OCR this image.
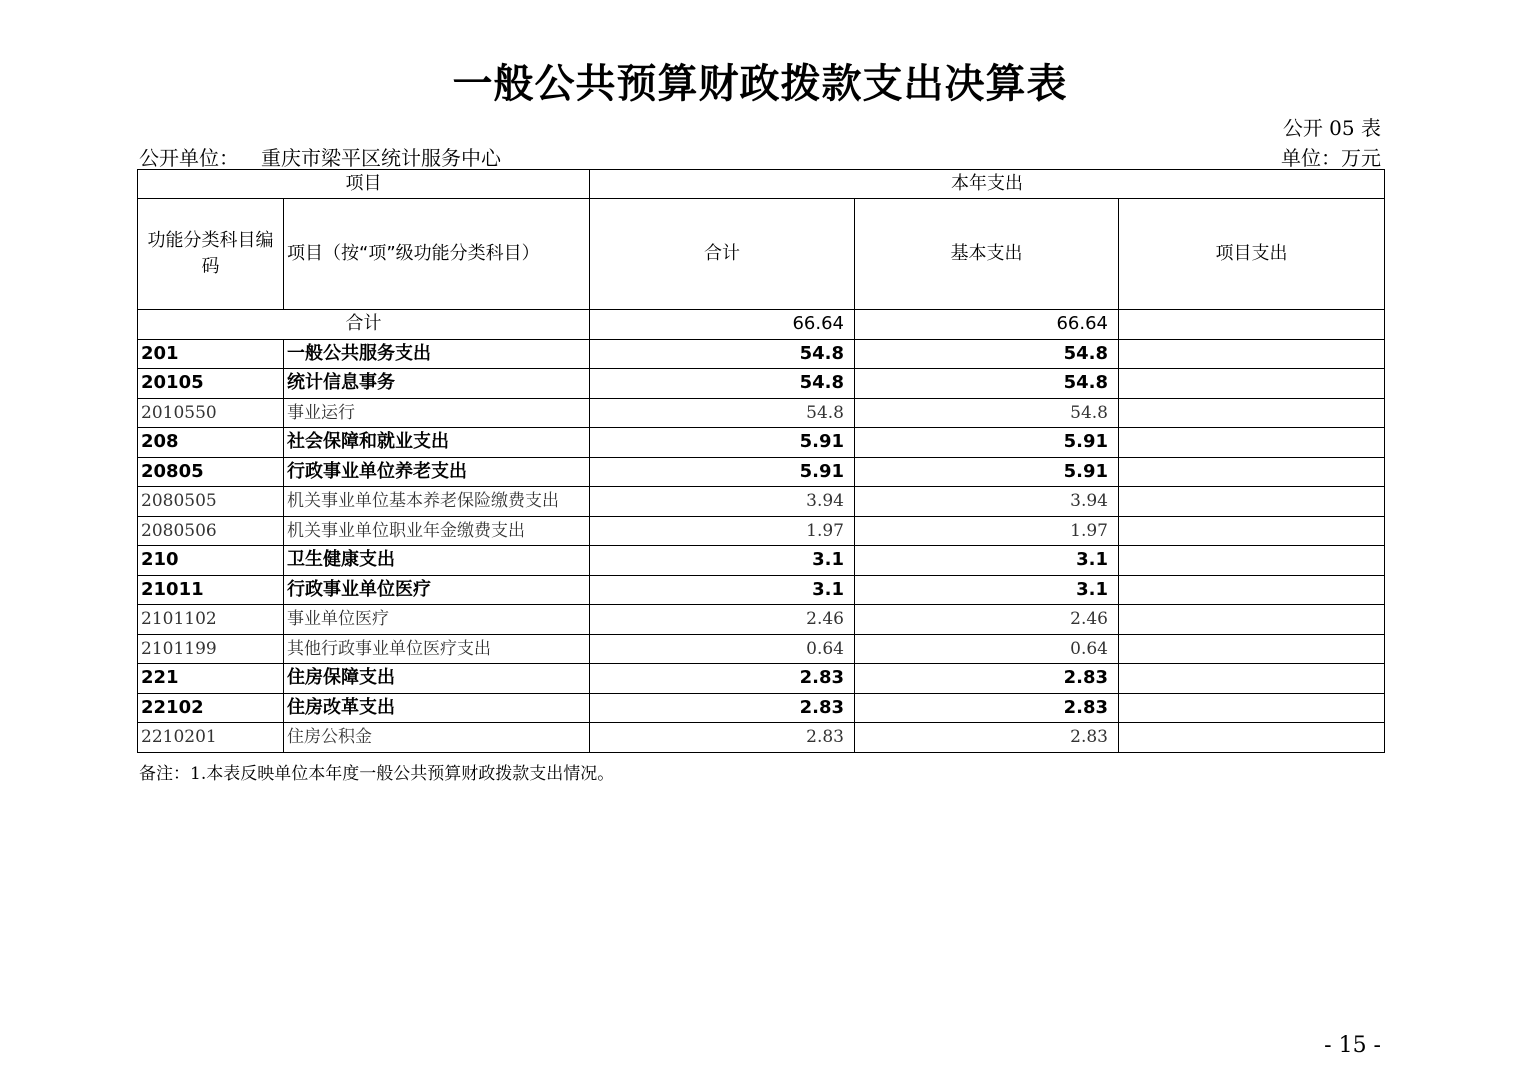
一般公共预算财政拨款支出决算表
公开 05 表
公开单位： 重庆市梁平区统计服务中心	单位：万元
项目		本年支出		
功能分类科目编码	项目（按“项”级功能分类科目）	合计	基本支出	项目支出
合计		66.64	66.64	
201	一般公共服务支出	54.8	54.8	
20105	统计信息事务	54.8	54.8	
2010550	事业运行	54.8	54.8	
208	社会保障和就业支出	5.91	5.91	
20805	行政事业单位养老支出	5.91	5.91	
2080505	机关事业单位基本养老保险缴费支出	3.94	3.94	
2080506	机关事业单位职业年金缴费支出	1.97	1.97	
210	卫生健康支出	3.1	3.1	
21011	行政事业单位医疗	3.1	3.1	
2101102	事业单位医疗	2.46	2.46	
2101199	其他行政事业单位医疗支出	0.64	0.64	
221	住房保障支出	2.83	2.83	
22102	住房改革支出	2.83	2.83	
2210201	住房公积金	2.83	2.83	
备注：1.本表反映单位本年度一般公共预算财政拨款支出情况。
- 15 -
